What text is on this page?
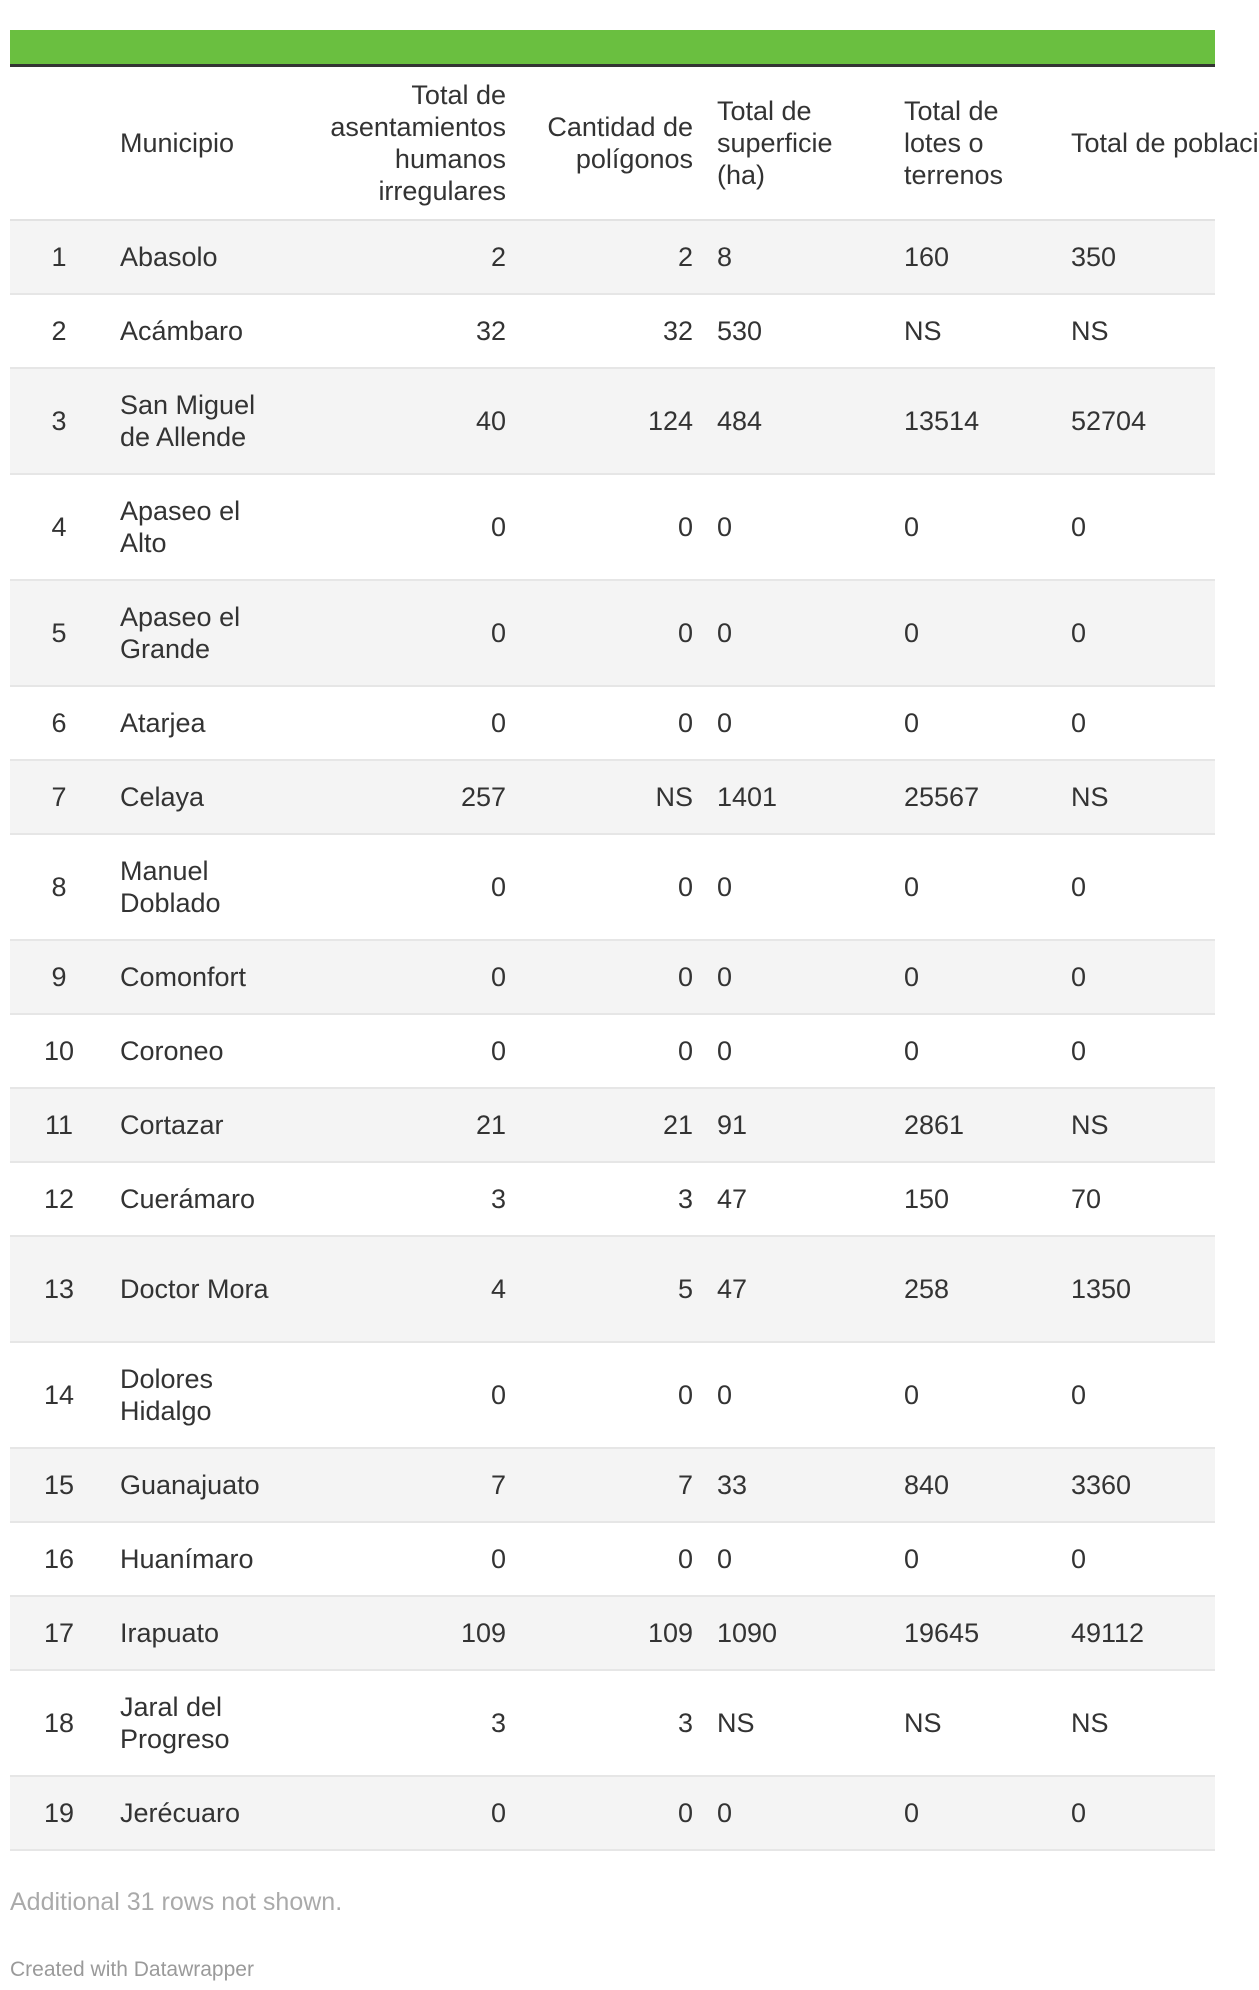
	Municipio	Total de asentamientos humanos irregulares	Cantidad de polígonos	Total de superficie (ha)	Total de lotes o terrenos	Total de poblaci
1	Abasolo	2	2	8	160	350
2	Acámbaro	32	32	530	NS	NS
3	San Miguel de Allende	40	124	484	13514	52704
4	Apaseo el Alto	0	0	0	0	0
5	Apaseo el Grande	0	0	0	0	0
6	Atarjea	0	0	0	0	0
7	Celaya	257	NS	1401	25567	NS
8	Manuel Doblado	0	0	0	0	0
9	Comonfort	0	0	0	0	0
10	Coroneo	0	0	0	0	0
11	Cortazar	21	21	91	2861	NS
12	Cuerámaro	3	3	47	150	70
13	Doctor Mora	4	5	47	258	1350
14	Dolores Hidalgo	0	0	0	0	0
15	Guanajuato	7	7	33	840	3360
16	Huanímaro	0	0	0	0	0
17	Irapuato	109	109	1090	19645	49112
18	Jaral del Progreso	3	3	NS	NS	NS
19	Jerécuaro	0	0	0	0	0
Additional 31 rows not shown.
Created with Datawrapper
